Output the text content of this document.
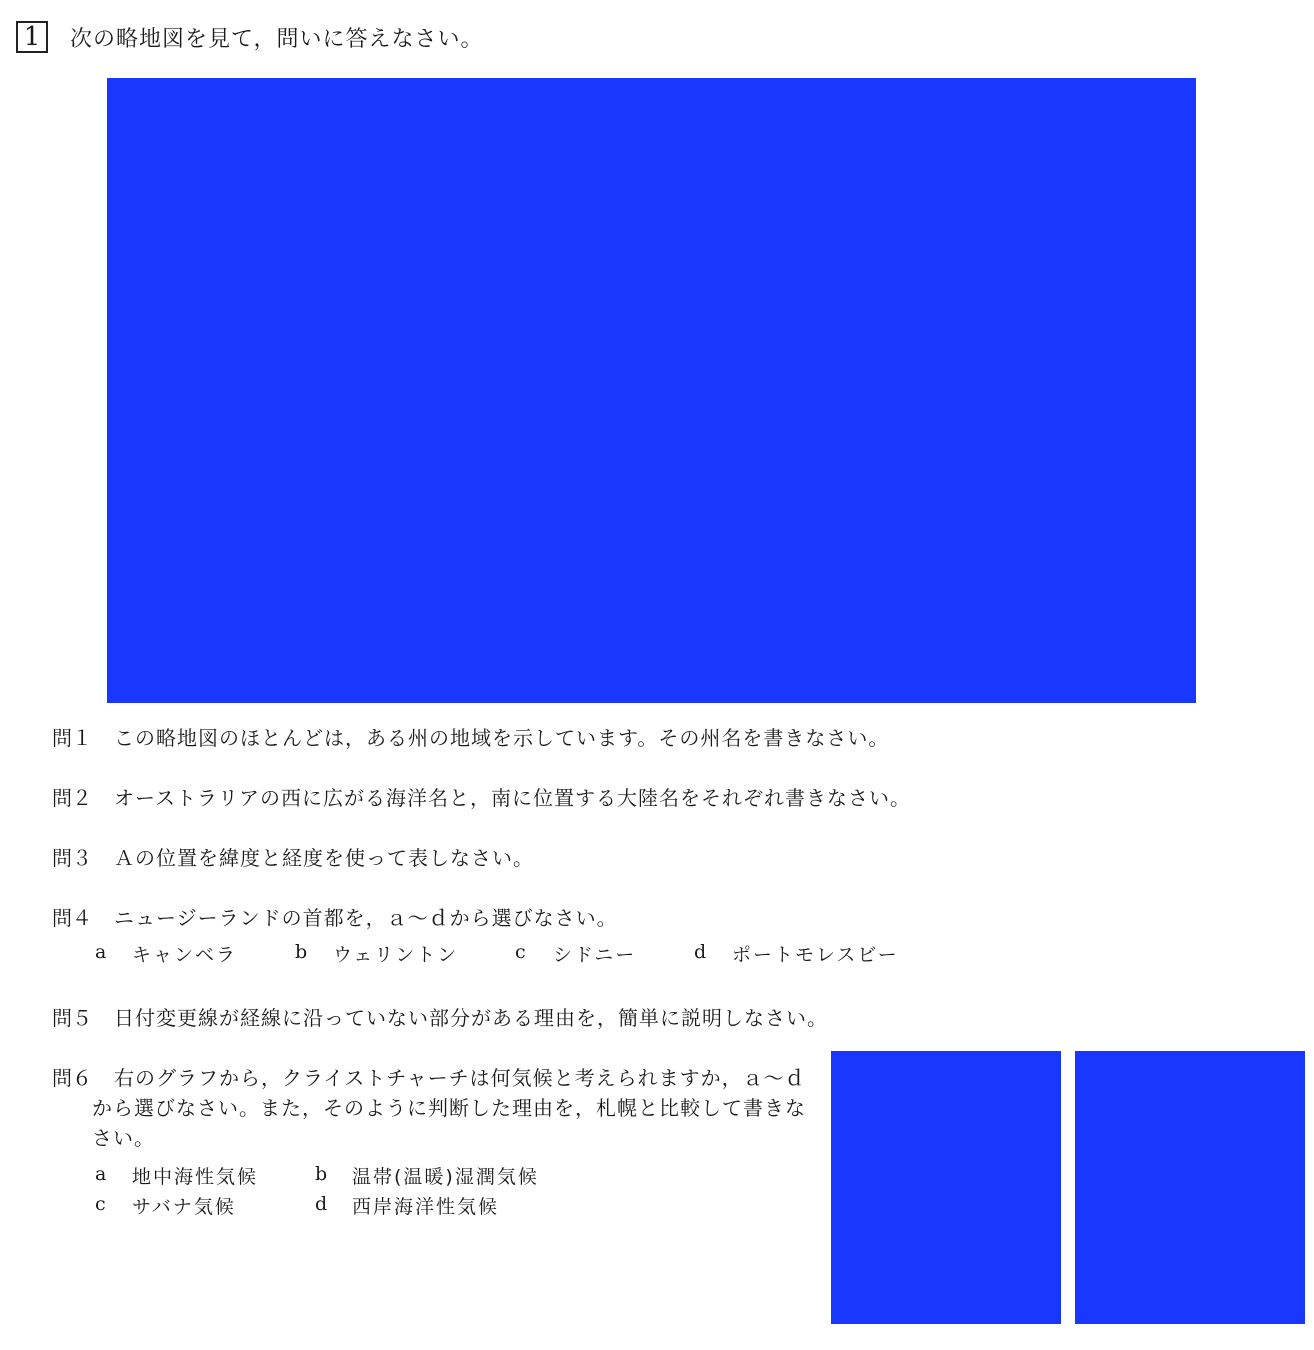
1 次の略地図を見て，問いに答えなさい。
問１ この略地図のほとんどは，ある州の地域を示しています。その州名を書きなさい。
問２ オーストラリアの西に広がる海洋名と，南に位置する大陸名をそれぞれ書きなさい。
問３ Ａの位置を緯度と経度を使って表しなさい。
問４ ニュージーランドの首都を，ａ～ｄから選びなさい。
a キャンベラ	b ウェリントン	c シドニー	d ポートモレスビー
問５ 日付変更線が経線に沿っていない部分がある理由を，簡単に説明しなさい。
問６ 右のグラフから，クライストチャーチは何気候と考えられますか，ａ～ｄ
から選びなさい。また，そのように判断した理由を，札幌と比較して書きな
さい。
a 地中海性気候	b 温帯(温暖)湿潤気候
c サバナ気候	d 西岸海洋性気候
